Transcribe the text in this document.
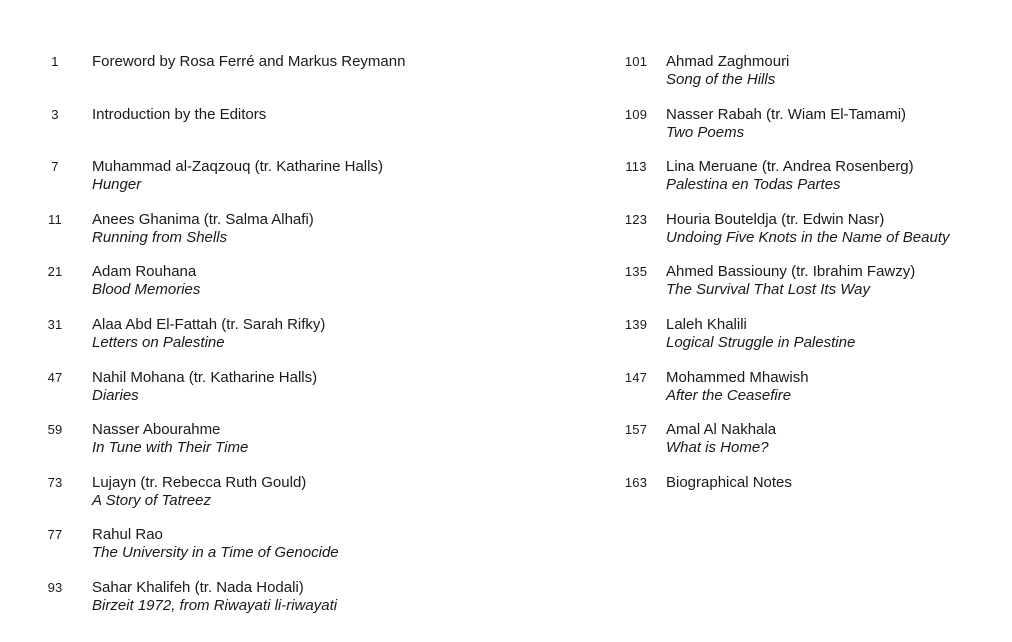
1	Foreword by Rosa Ferré and Markus Reymann
3	Introduction by the Editors
7	Muhammad al-Zaqzouq (tr. Katharine Halls)
Hunger
11	Anees Ghanima (tr. Salma Alhafi)
Running from Shells
21	Adam Rouhana
Blood Memories
31	Alaa Abd El-Fattah (tr. Sarah Rifky)
Letters on Palestine
47	Nahil Mohana (tr. Katharine Halls)
Diaries
59	Nasser Abourahme
In Tune with Their Time
73	Lujayn (tr. Rebecca Ruth Gould)
A Story of Tatreez
77	Rahul Rao
The University in a Time of Genocide
93	Sahar Khalifeh (tr. Nada Hodali)
Birzeit 1972, from Riwayati li-riwayati
101	Ahmad Zaghmouri
Song of the Hills
109	Nasser Rabah (tr. Wiam El-Tamami)
Two Poems
113	Lina Meruane (tr. Andrea Rosenberg)
Palestina en Todas Partes
123	Houria Bouteldja (tr. Edwin Nasr)
Undoing Five Knots in the Name of Beauty
135	Ahmed Bassiouny (tr. Ibrahim Fawzy)
The Survival That Lost Its Way
139	Laleh Khalili
Logical Struggle in Palestine
147	Mohammed Mhawish
After the Ceasefire
157	Amal Al Nakhala
What is Home?
163	Biographical Notes
